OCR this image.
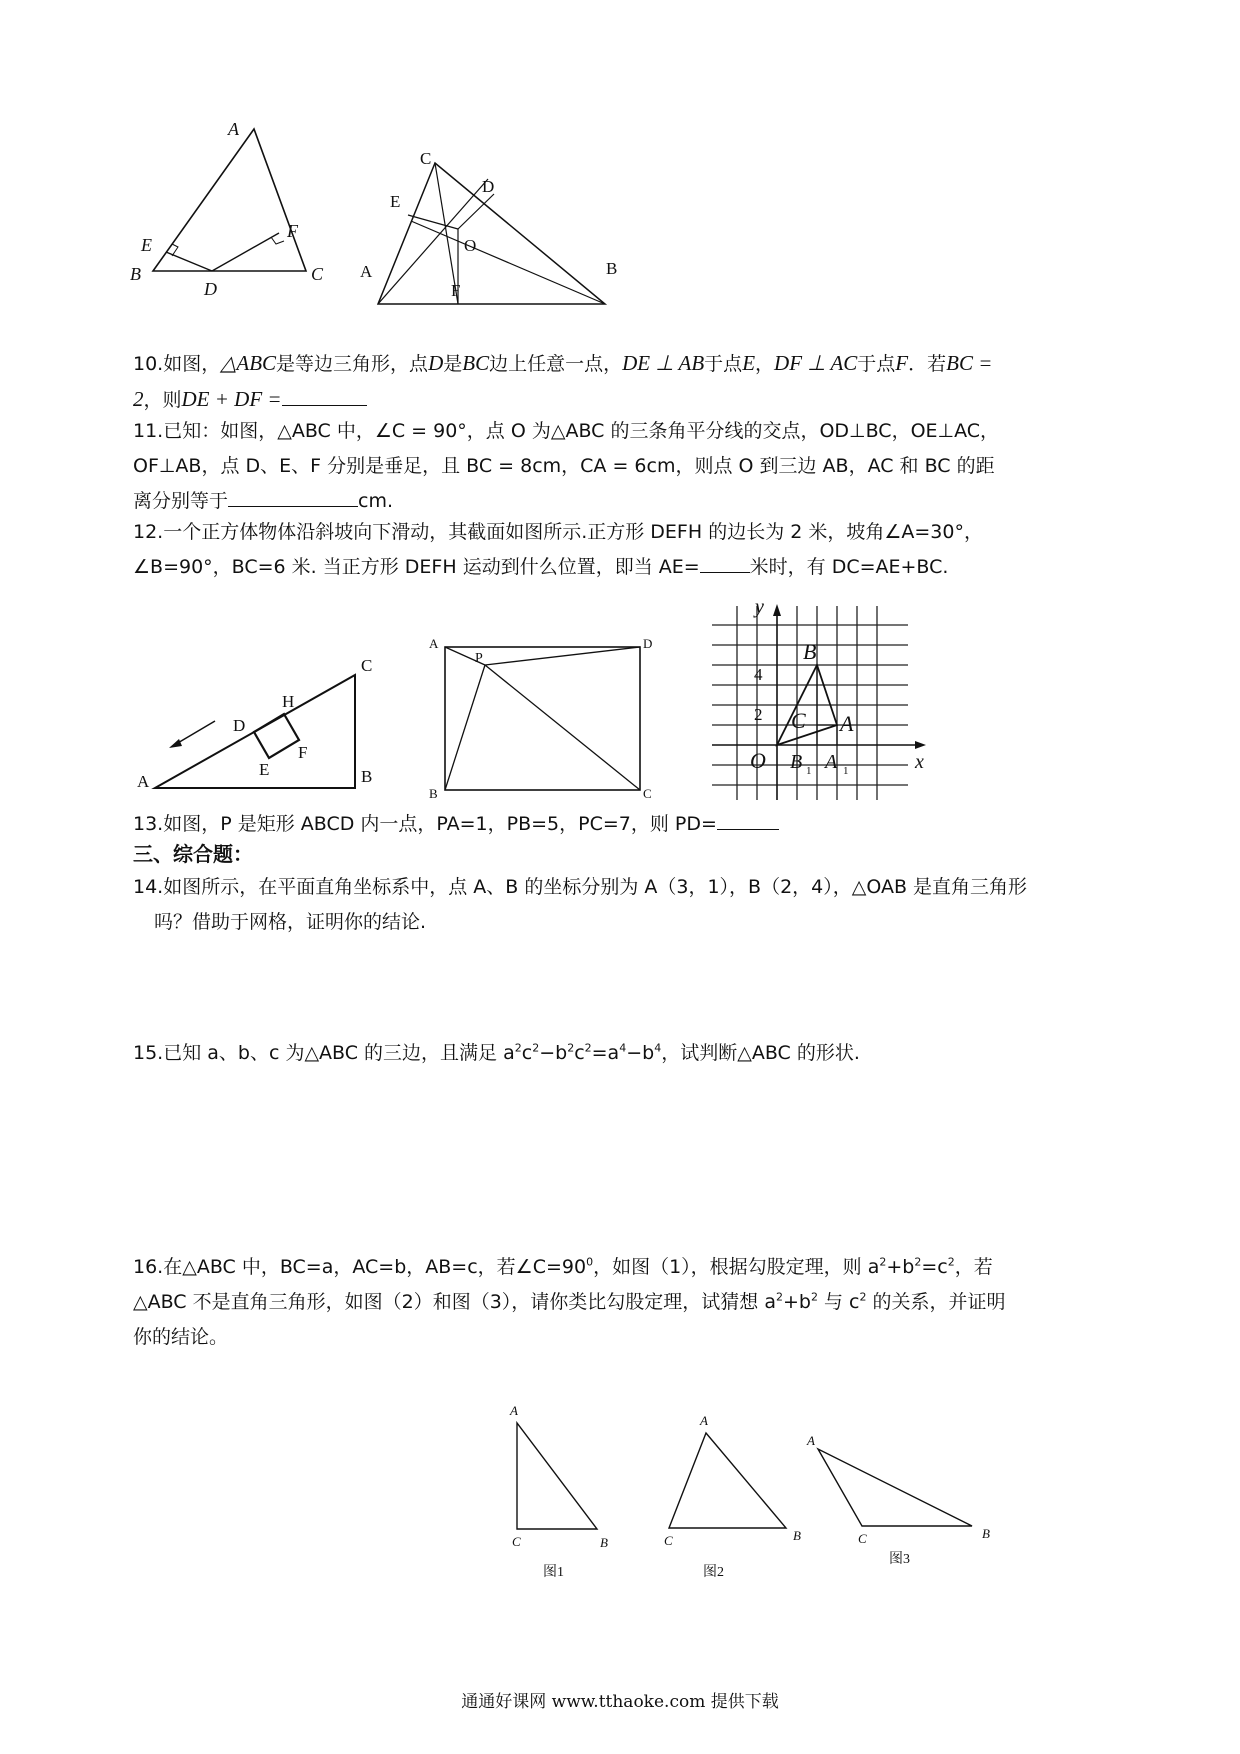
A
B	C
D
E
F
C
D
E
O
A
F
B

10.如图，△ABC是等边三角形，点D是BC边上任意一点，DE ⊥ AB于点E，DF ⊥ AC于点F．若BC = 2，则DE + DF =

11.已知：如图，△ABC 中，∠C = 90°，点 O 为△ABC 的三条角平分线的交点，OD⊥BC，OE⊥AC，OF⊥AB，点 D、E、F 分别是垂足，且 BC = 8cm，CA = 6cm，则点 O 到三边 AB，AC 和 BC 的距离分别等于	cm.

12.一个正方体物体沿斜坡向下滑动，其截面如图所示.正方形 DEFH 的边长为 2 米，坡角∠A=30°，∠B=90°，BC=6 米. 当正方形 DEFH 运动到什么位置，即当 AE=	米时，有 DC=AE+BC.

H
C
D
F
E
A	B
A
P
D
B	C
y
x
O
4
2
B
C A
B 1 A 1

13.如图，P 是矩形 ABCD 内一点，PA=1，PB=5，PC=7，则 PD=

三、综合题：

14.如图所示，在平面直角坐标系中，点 A、B 的坐标分别为 A（3，1），B（2，4），△OAB 是直角三角形吗？借助于网格，证明你的结论.

15.已知 a、b、c 为△ABC 的三边，且满足 $a^2c^2-b^2c^2=a^4-b^4$，试判断△ABC 的形状.

16.在△ABC 中，BC=a，AC=b，AB=c，若$\angle C=90^0$，如图（1），根据勾股定理，则 $a^2+b^2=c^2$，若△ABC 不是直角三角形，如图（2）和图（3），请你类比勾股定理，试猜想 $a^2+b^2$ 与 $c^2$ 的关系，并证明你的结论。

A
C	B
图1
A
C	B
图2
A
C	B
图3
通通好课网 www.tthaoke.com 提供下载
